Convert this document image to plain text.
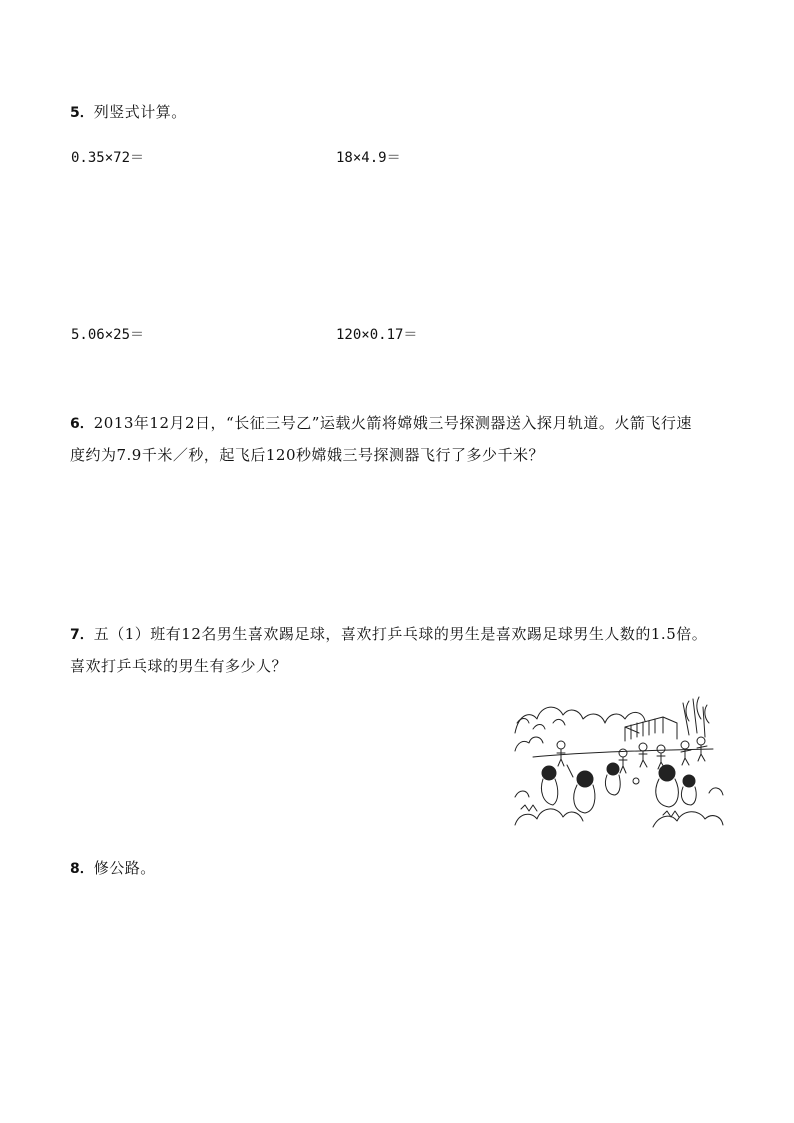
5．列竖式计算。
0.35×72＝	18×4.9＝
5.06×25＝	120×0.17＝
6．2013年12月2日，“长征三号乙”运载火箭将嫦娥三号探测器送入探月轨道。火箭飞行速
度约为7.9千米／秒，起飞后120秒嫦娥三号探测器飞行了多少千米？
7．五（1）班有12名男生喜欢踢足球，喜欢打乒乓球的男生是喜欢踢足球男生人数的1.5倍。
喜欢打乒乓球的男生有多少人？
8．修公路。
